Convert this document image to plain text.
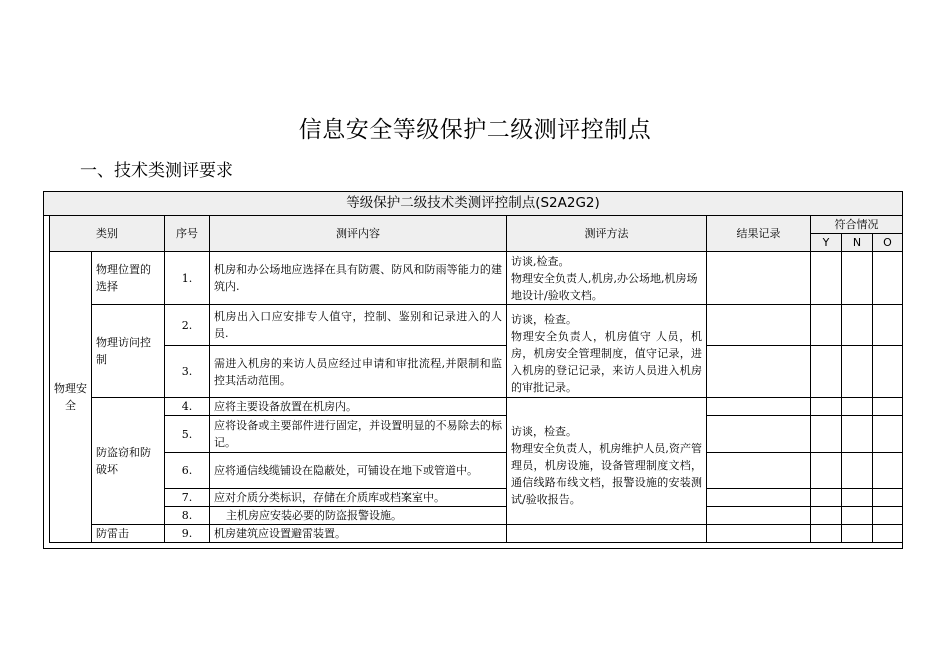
信息安全等级保护二级测评控制点
一、技术类测评要求
等级保护二级技术类测评控制点(S2A2G2)
类别		序号	测评内容	测评方法	结果记录	符合情况		
						Y	N	O
物理安全	物理位置的选择	1.	机房和办公场地应选择在具有防震、防风和防雨等能力的建筑内.	访谈,检查。
物理安全负责人,机房,办公场地,机房场地设计/验收文档。				
	物理访问控制	2.	机房出入口应安排专人值守，控制、鉴别和记录进入的人员.	访谈，检查。
物理安全负责人，机房值守 人员，机房，机房安全管理制度，值守记录，进入机房的登记记录，来访人员进入机房的审批记录。				
		3.	需进入机房的来访人员应经过申请和审批流程,并限制和监控其活动范围。					
	防盗窃和防破坏	4.	应将主要设备放置在机房内。	访谈，检查。
物理安全负责人，机房维护人员,资产管理员，机房设施，设备管理制度文档，通信线路布线文档，报警设施的安装测试/验收报告。				
		5.	应将设备或主要部件进行固定，并设置明显的不易除去的标记。					
		6.	应将通信线缆铺设在隐蔽处，可铺设在地下或管道中。					
		7.	应对介质分类标识，存储在介质库或档案室中。					
		8.	主机房应安装必要的防盗报警设施。					
	防雷击	9.	机房建筑应设置避雷装置。					
